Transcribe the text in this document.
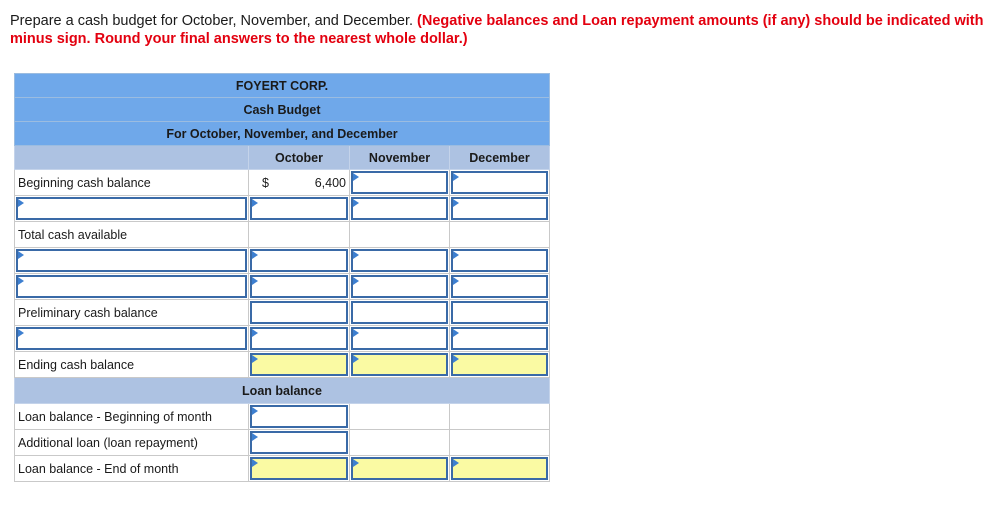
Prepare a cash budget for October, November, and December. (Negative balances and Loan repayment amounts (if any) should be indicated with minus sign. Round your final answers to the nearest whole dollar.)
FOYERT CORP.			
Cash Budget			
For October, November, and December			
	October	November	December
Beginning cash balance	$ 6,400		

Total cash available			

Preliminary cash balance	

Ending cash balance	

Loan balance			
Loan balance - Beginning of month	

Additional loan (loan repayment)	

Loan balance - End of month	
